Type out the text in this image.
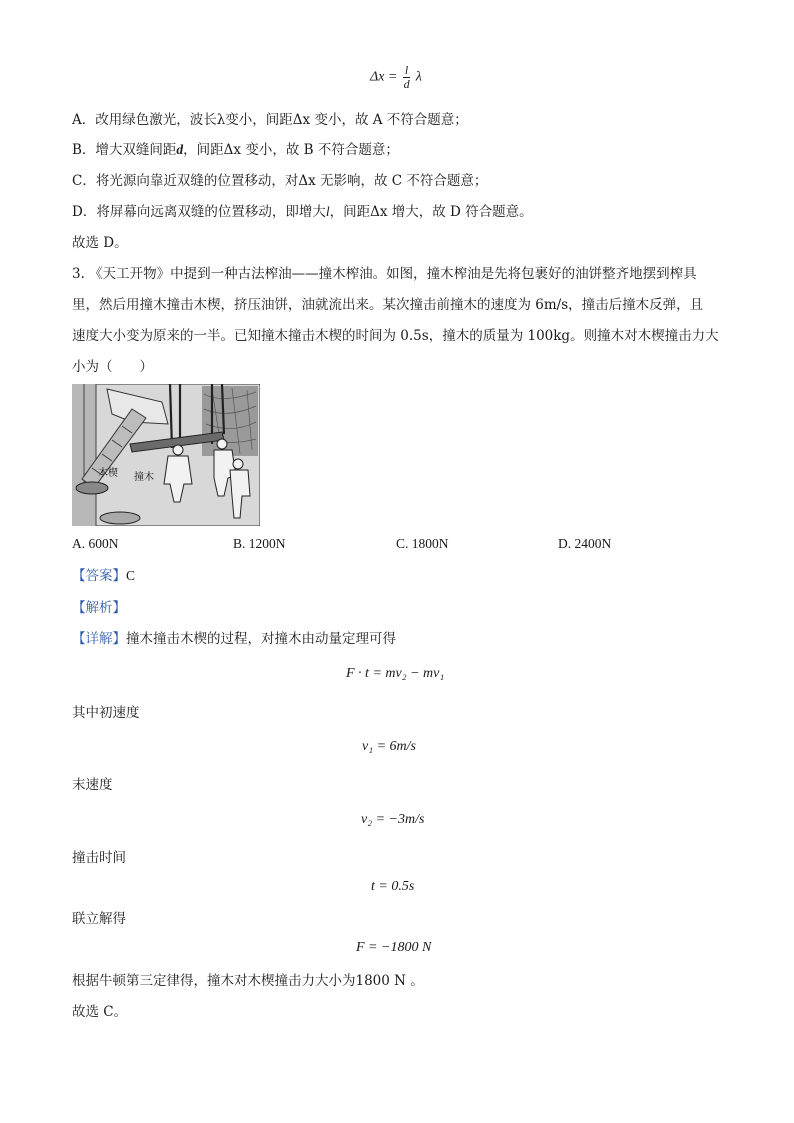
$\Delta x = \frac{l}{d}$ λ
A．改用绿色激光，波长λ变小，间距Δx 变小，故 A 不符合题意；
B．增大双缝间距d，间距Δx 变小，故 B 不符合题意；
C．将光源向靠近双缝的位置移动，对Δx 无影响，故 C 不符合题意；
D．将屏幕向远离双缝的位置移动，即增大l，间距Δx 增大，故 D 符合题意。
故选 D。
3. 《天工开物》中提到一种古法榨油——撞木榨油。如图，撞木榨油是先将包裹好的油饼整齐地摆到榨具
里，然后用撞木撞击木楔，挤压油饼，油就流出来。某次撞击前撞木的速度为 6m/s，撞击后撞木反弹，且
速度大小变为原来的一半。已知撞木撞击木楔的时间为 0.5s，撞木的质量为 100kg。则撞木对木楔撞击力大
小为（　　）
木楔 撞木
A. 600N	B. 1200N	C. 1800N	D. 2400N
【答案】C
【解析】
【详解】撞木撞击木楔的过程，对撞木由动量定理可得
F · t = mv₂ − mv₁
其中初速度
v₁ = 6m/s
末速度
v₂ = −3m/s
撞击时间
t = 0.5s
联立解得
F = −1800 N
根据牛顿第三定律得，撞木对木楔撞击力大小为1800 N 。
故选 C。
